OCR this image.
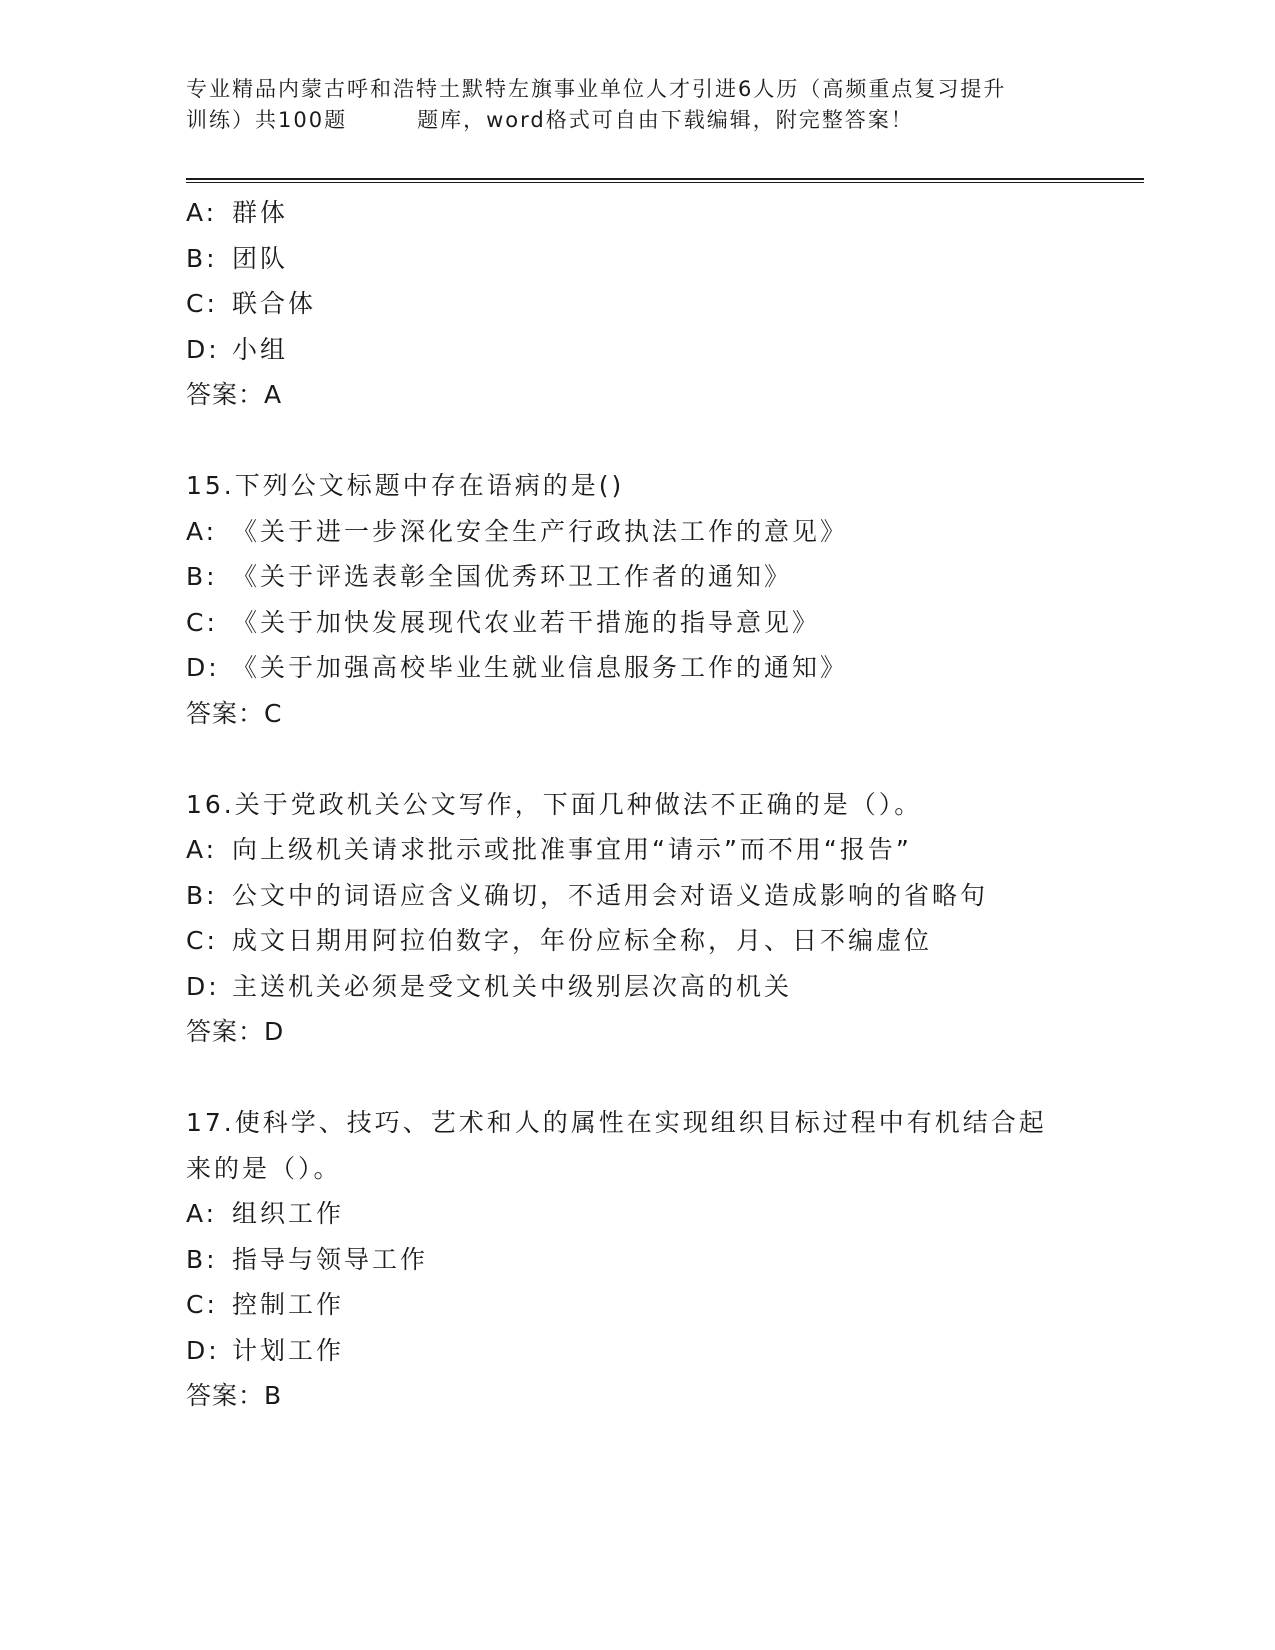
专业精品内蒙古呼和浩特土默特左旗事业单位人才引进6人历（高频重点复习提升
训练）共100题	题库，word格式可自由下载编辑，附完整答案！
A: 群体
B: 团队
C: 联合体
D: 小组
答案：A
15.下列公文标题中存在语病的是()
A: 《关于进一步深化安全生产行政执法工作的意见》
B: 《关于评选表彰全国优秀环卫工作者的通知》
C: 《关于加快发展现代农业若干措施的指导意见》
D: 《关于加强高校毕业生就业信息服务工作的通知》
答案：C
16.关于党政机关公文写作，下面几种做法不正确的是（）。
A: 向上级机关请求批示或批准事宜用“请示”而不用“报告”
B: 公文中的词语应含义确切，不适用会对语义造成影响的省略句
C: 成文日期用阿拉伯数字，年份应标全称，月、日不编虚位
D: 主送机关必须是受文机关中级别层次高的机关
答案：D
17.使科学、技巧、艺术和人的属性在实现组织目标过程中有机结合起
来的是（）。
A: 组织工作
B: 指导与领导工作
C: 控制工作
D: 计划工作
答案：B
